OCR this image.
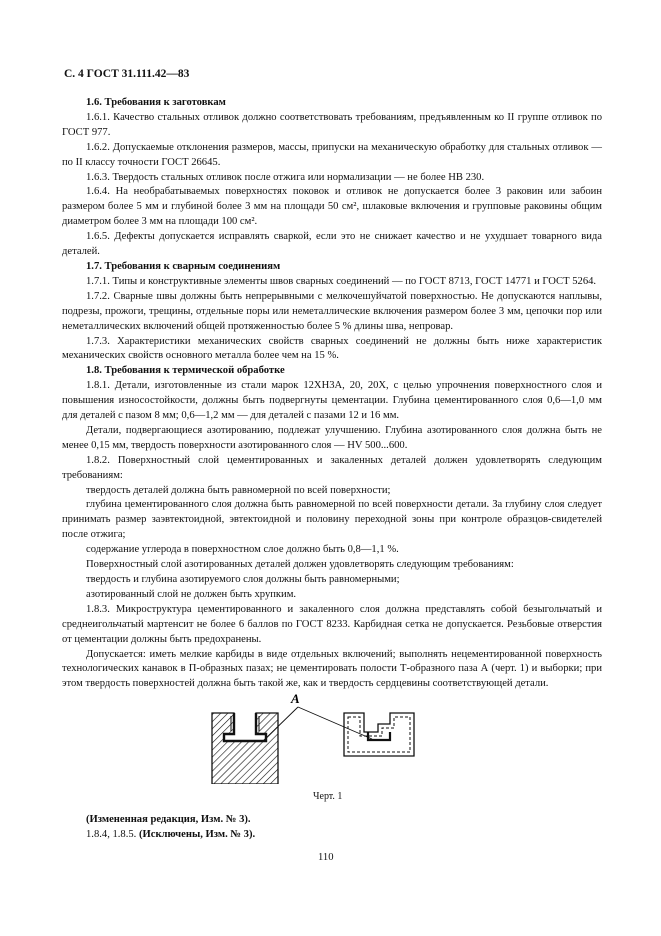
С. 4 ГОСТ 31.111.42—83

1.6. Требования к заготовкам

1.6.1. Качество стальных отливок должно соответствовать требованиям, предъявленным ко II группе отливок по ГОСТ 977.

1.6.2. Допускаемые отклонения размеров, массы, припуски на механическую обработку для стальных отливок — по II классу точности ГОСТ 26645.

1.6.3. Твердость стальных отливок после отжига или нормализации — не более НВ 230.

1.6.4. На необрабатываемых поверхностях поковок и отливок не допускается более 3 раковин или забоин размером более 5 мм и глубиной более 3 мм на площади 50 см², шлаковые включения и групповые раковины общим диаметром более 3 мм на площади 100 см².

1.6.5. Дефекты допускается исправлять сваркой, если это не снижает качество и не ухудшает товарного вида деталей.

1.7. Требования к сварным соединениям

1.7.1. Типы и конструктивные элементы швов сварных соединений — по ГОСТ 8713, ГОСТ 14771 и ГОСТ 5264.

1.7.2. Сварные швы должны быть непрерывными с мелкочешуйчатой поверхностью. Не допускаются наплывы, подрезы, прожоги, трещины, отдельные поры или неметаллические включения размером более 3 мм, цепочки пор или неметаллических включений общей протяженностью более 5 % длины шва, непровар.

1.7.3. Характеристики механических свойств сварных соединений не должны быть ниже характеристик механических свойств основного металла более чем на 15 %.

1.8. Требования к термической обработке

1.8.1. Детали, изготовленные из стали марок 12ХН3А, 20, 20Х, с целью упрочнения поверхностного слоя и повышения износостойкости, должны быть подвергнуты цементации. Глубина цементированного слоя 0,6—1,0 мм для деталей с пазом 8 мм; 0,6—1,2 мм — для деталей с пазами 12 и 16 мм.

Детали, подвергающиеся азотированию, подлежат улучшению. Глубина азотированного слоя должна быть не менее 0,15 мм, твердость поверхности азотированного слоя — HV 500...600.

1.8.2. Поверхностный слой цементированных и закаленных деталей должен удовлетворять следующим требованиям:

твердость деталей должна быть равномерной по всей поверхности;

глубина цементированного слоя должна быть равномерной по всей поверхности детали. За глубину слоя следует принимать размер заэвтектоидной, эвтектоидной и половину переходной зоны при контроле образцов-свидетелей после отжига;

содержание углерода в поверхностном слое должно быть 0,8—1,1 %.

Поверхностный слой азотированных деталей должен удовлетворять следующим требованиям:

твердость и глубина азотируемого слоя должны быть равномерными;

азотированный слой не должен быть хрупким.

1.8.3. Микроструктура цементированного и закаленного слоя должна представлять собой безыгольчатый и среднеигольчатый мартенсит не более 6 баллов по ГОСТ 8233. Карбидная сетка не допускается. Резьбовые отверстия от цементации должны быть предохранены.

Допускается: иметь мелкие карбиды в виде отдельных включений; выполнять нецементированной поверхность технологических канавок в П-образных пазах; не цементировать полости Т-образного паза А (черт. 1) и выборки; при этом твердость поверхностей должна быть такой же, как и твердость сердцевины соответствующей детали.

А
Черт. 1

(Измененная редакция, Изм. № 3).

1.8.4, 1.8.5. (Исключены, Изм. № 3).

110
